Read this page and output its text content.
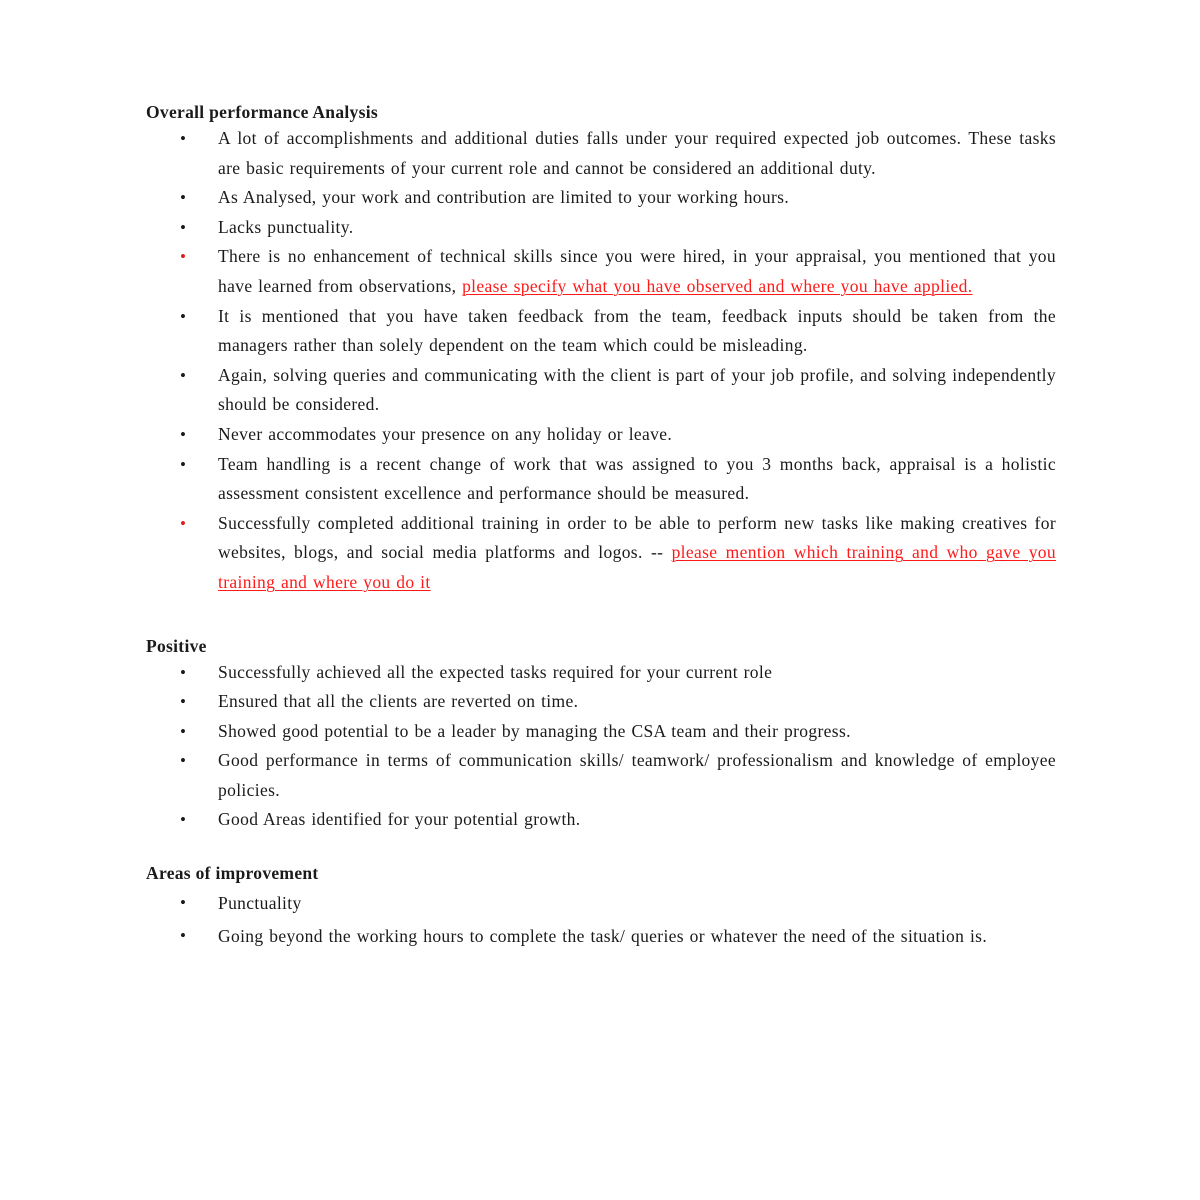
Overall performance Analysis

• A lot of accomplishments and additional duties falls under your required expected job outcomes. These tasks are basic requirements of your current role and cannot be considered an additional duty.
• As Analysed, your work and contribution are limited to your working hours.
• Lacks punctuality.
• There is no enhancement of technical skills since you were hired, in your appraisal, you mentioned that you have learned from observations, please specify what you have observed and where you have applied.
• It is mentioned that you have taken feedback from the team, feedback inputs should be taken from the managers rather than solely dependent on the team which could be misleading.
• Again, solving queries and communicating with the client is part of your job profile, and solving independently should be considered.
• Never accommodates your presence on any holiday or leave.
• Team handling is a recent change of work that was assigned to you 3 months back, appraisal is a holistic assessment consistent excellence and performance should be measured.
• Successfully completed additional training in order to be able to perform new tasks like making creatives for websites, blogs, and social media platforms and logos. -- please mention which training and who gave you training and where you do it

Positive

• Successfully achieved all the expected tasks required for your current role
• Ensured that all the clients are reverted on time.
• Showed good potential to be a leader by managing the CSA team and their progress.
• Good performance in terms of communication skills/ teamwork/ professionalism and knowledge of employee policies.
• Good Areas identified for your potential growth.

Areas of improvement

• Punctuality
• Going beyond the working hours to complete the task/ queries or whatever the need of the situation is.
